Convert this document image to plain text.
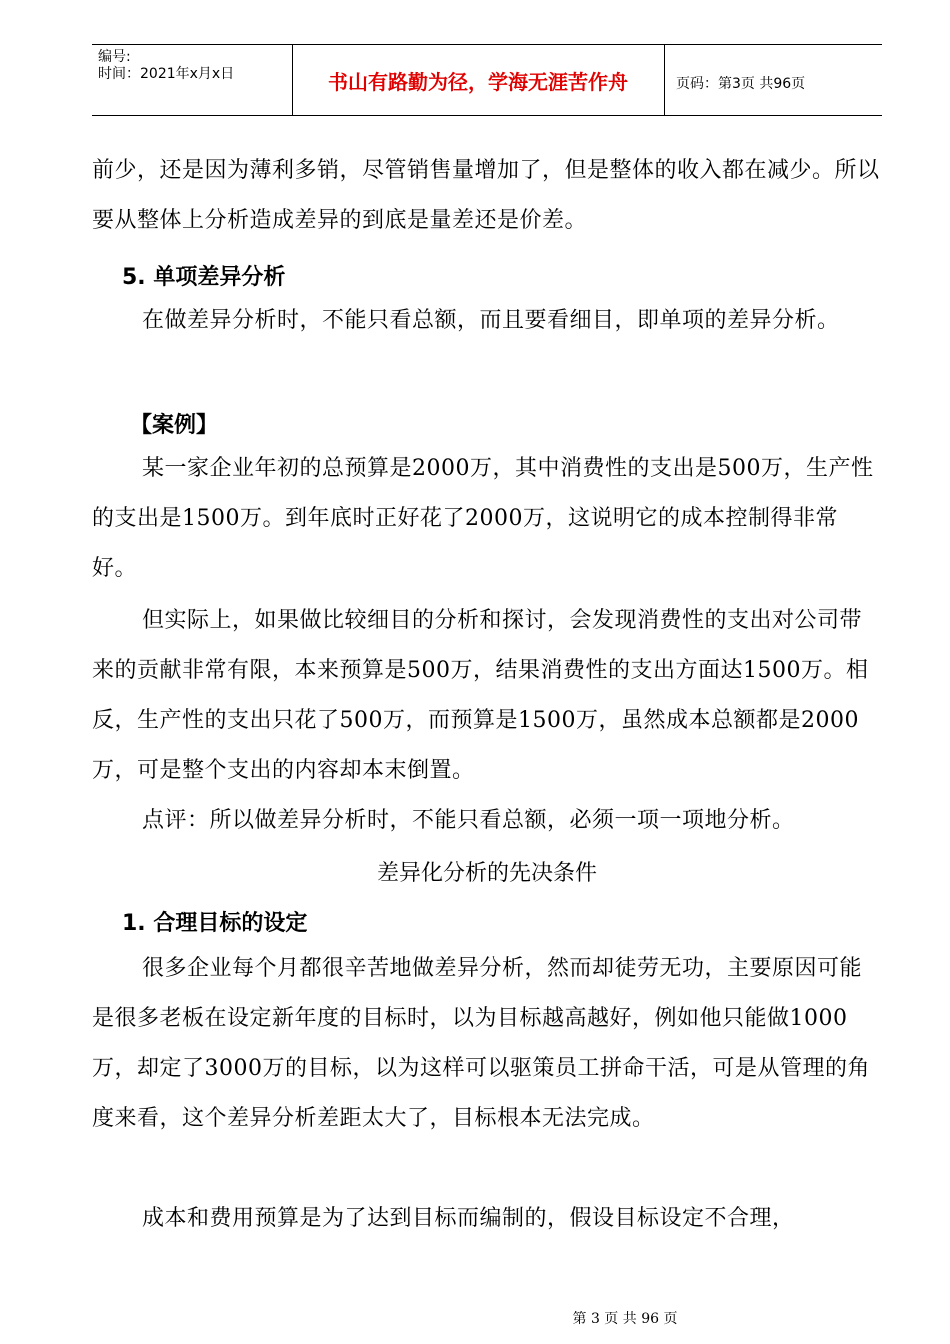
编号:
时间：2021年x月x日	书山有路勤为径，学海无涯苦作舟	页码：第3页 共96页
前少，还是因为薄利多销，尽管销售量增加了，但是整体的收入都在减少。所以要从整体上分析造成差异的到底是量差还是价差。
5. 单项差异分析
在做差异分析时，不能只看总额，而且要看细目，即单项的差异分析。
【案例】
某一家企业年初的总预算是2000万，其中消费性的支出是500万，生产性的支出是1500万。到年底时正好花了2000万，这说明它的成本控制得非常好。
但实际上，如果做比较细目的分析和探讨，会发现消费性的支出对公司带来的贡献非常有限，本来预算是500万，结果消费性的支出方面达1500万。相反，生产性的支出只花了500万，而预算是1500万，虽然成本总额都是2000万，可是整个支出的内容却本末倒置。
点评：所以做差异分析时，不能只看总额，必须一项一项地分析。
差异化分析的先决条件
1. 合理目标的设定
很多企业每个月都很辛苦地做差异分析，然而却徒劳无功，主要原因可能是很多老板在设定新年度的目标时，以为目标越高越好，例如他只能做1000万，却定了3000万的目标，以为这样可以驱策员工拼命干活，可是从管理的角度来看，这个差异分析差距太大了，目标根本无法完成。
成本和费用预算是为了达到目标而编制的，假设目标设定不合理，
第 3 页 共 96 页
